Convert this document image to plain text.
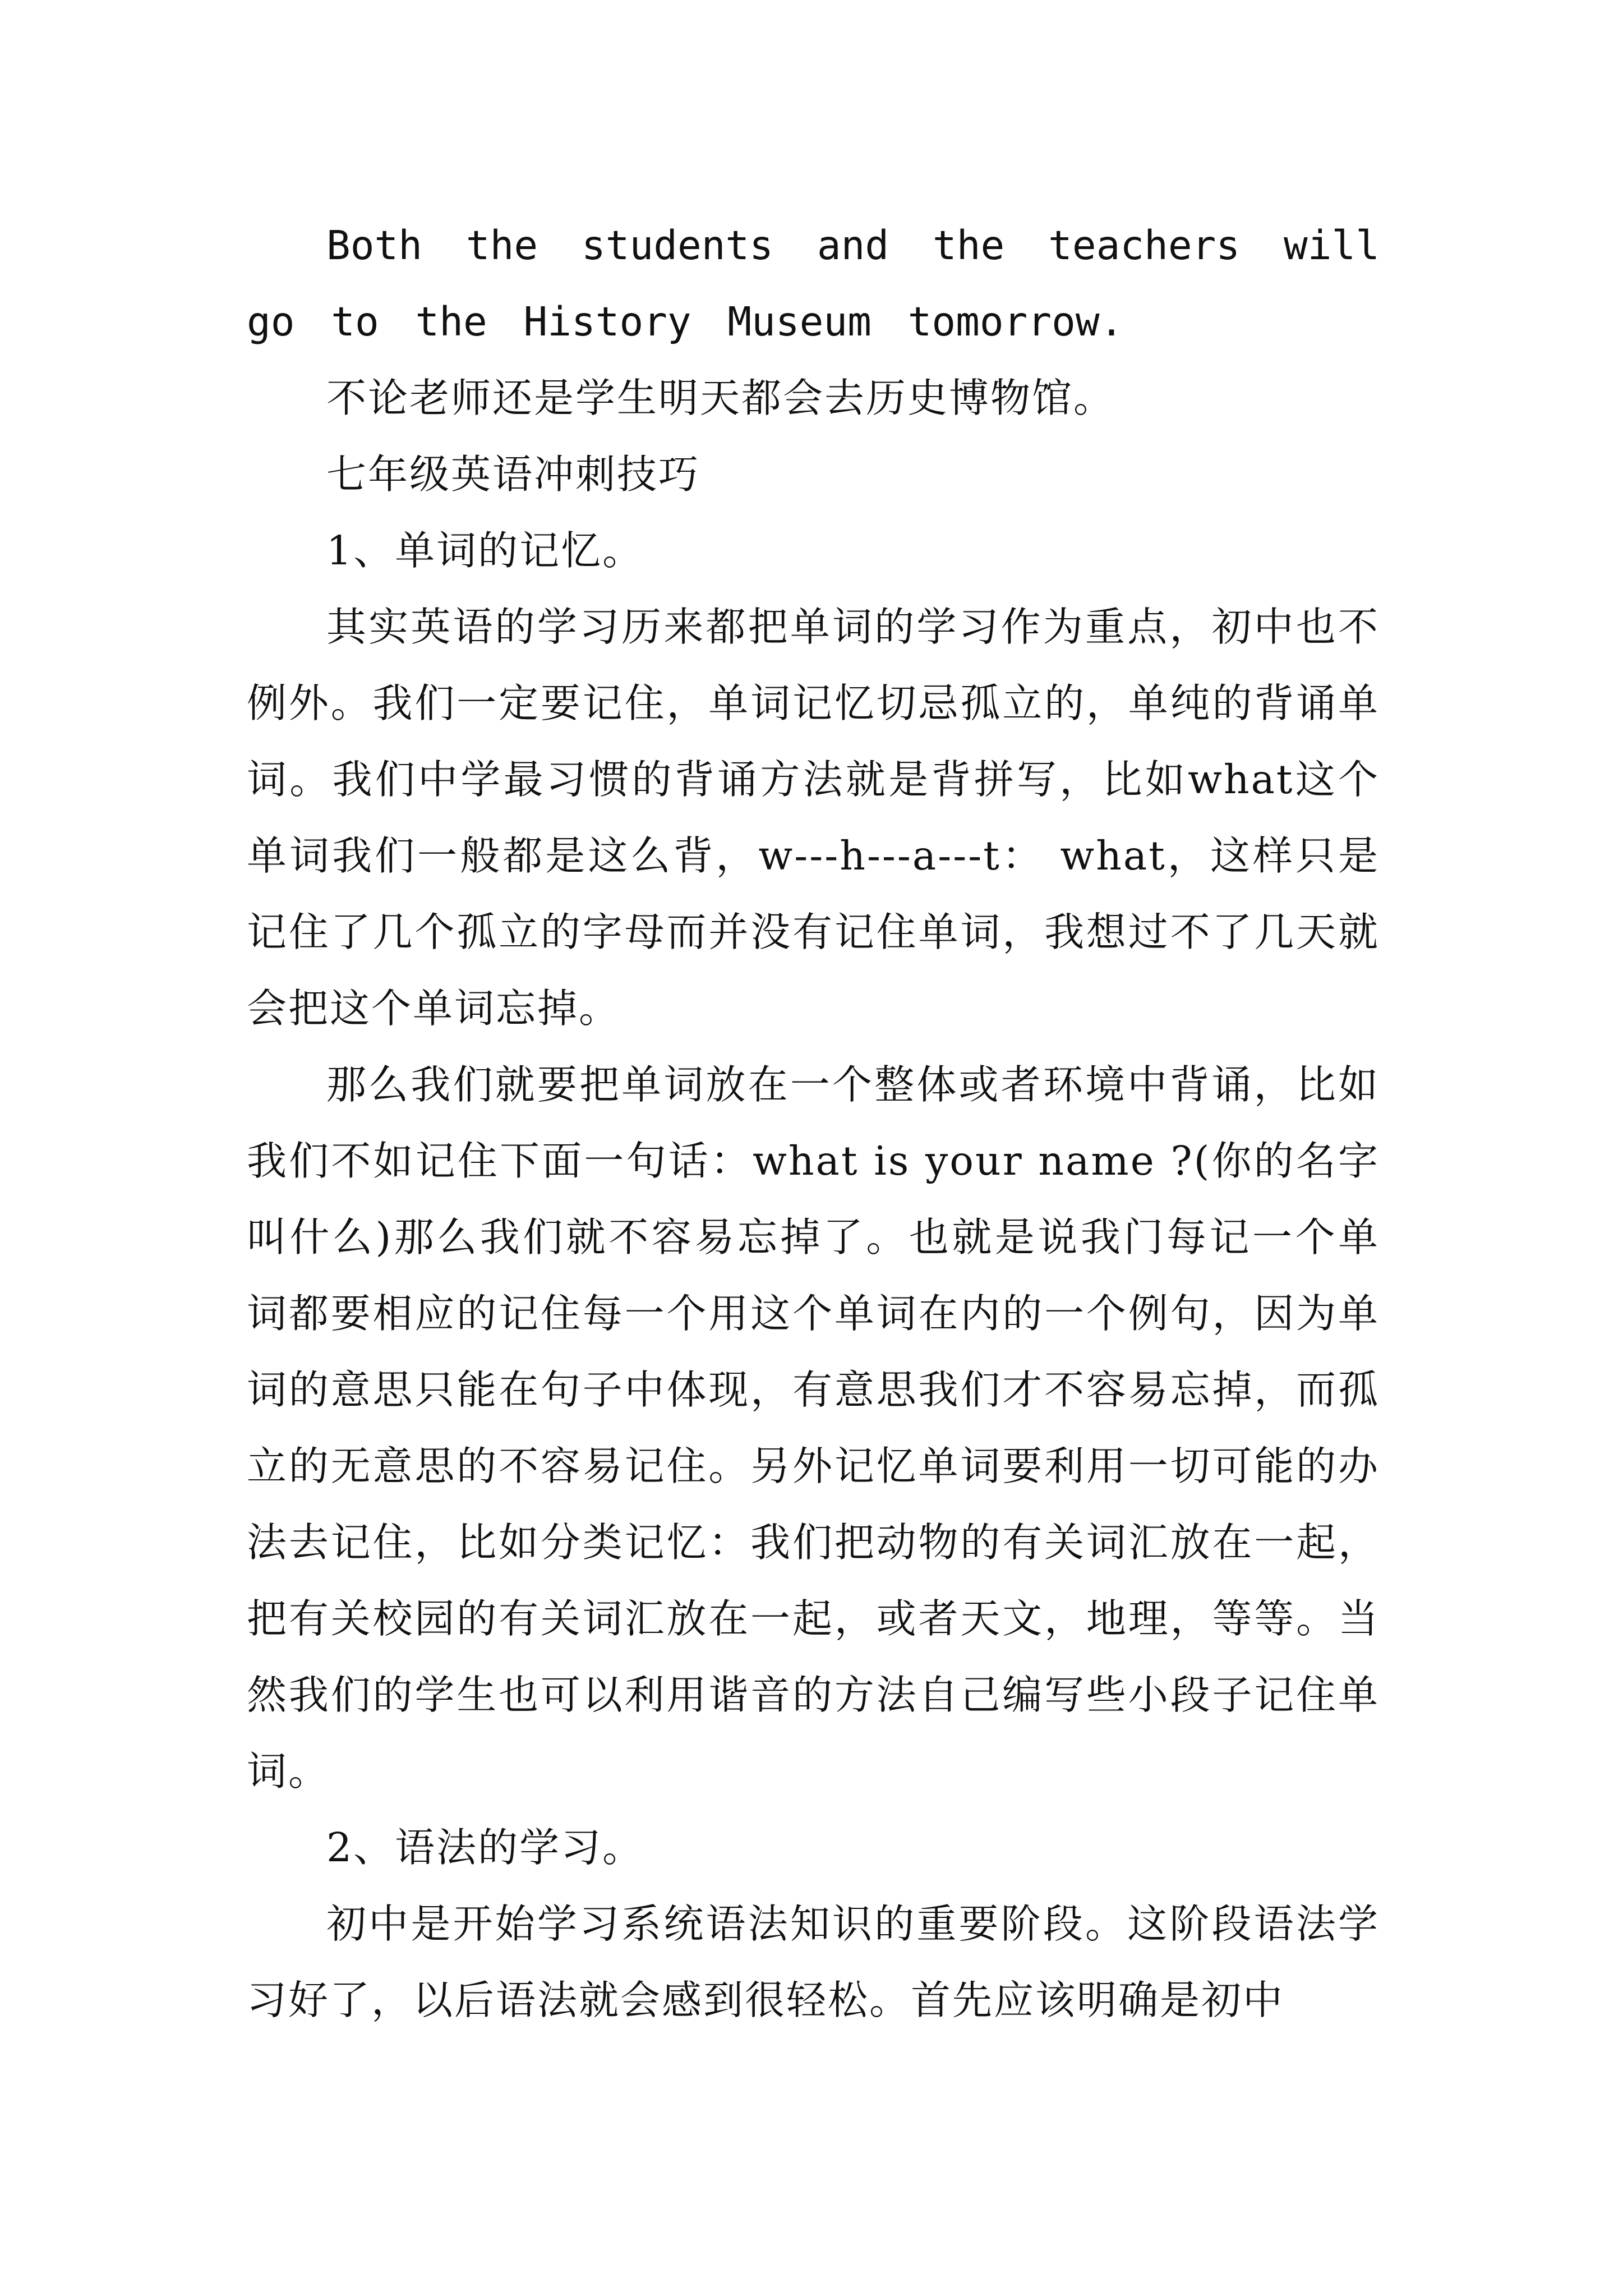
Both the students and the teachers will go to the History Museum tomorrow.

不论老师还是学生明天都会去历史博物馆。

七年级英语冲刺技巧

1、单词的记忆。

其实英语的学习历来都把单词的学习作为重点，初中也不例外。我们一定要记住，单词记忆切忌孤立的，单纯的背诵单词。我们中学最习惯的背诵方法就是背拼写，比如what这个单词我们一般都是这么背，w---h---a---t： what，这样只是记住了几个孤立的字母而并没有记住单词，我想过不了几天就会把这个单词忘掉。

那么我们就要把单词放在一个整体或者环境中背诵，比如我们不如记住下面一句话：what is your name ?(你的名字叫什么)那么我们就不容易忘掉了。也就是说我门每记一个单词都要相应的记住每一个用这个单词在内的一个例句，因为单词的意思只能在句子中体现，有意思我们才不容易忘掉，而孤立的无意思的不容易记住。另外记忆单词要利用一切可能的办法去记住，比如分类记忆：我们把动物的有关词汇放在一起，把有关校园的有关词汇放在一起，或者天文，地理，等等。当然我们的学生也可以利用谐音的方法自己编写些小段子记住单词。

2、语法的学习。

初中是开始学习系统语法知识的重要阶段。这阶段语法学习好了，以后语法就会感到很轻松。首先应该明确是初中
